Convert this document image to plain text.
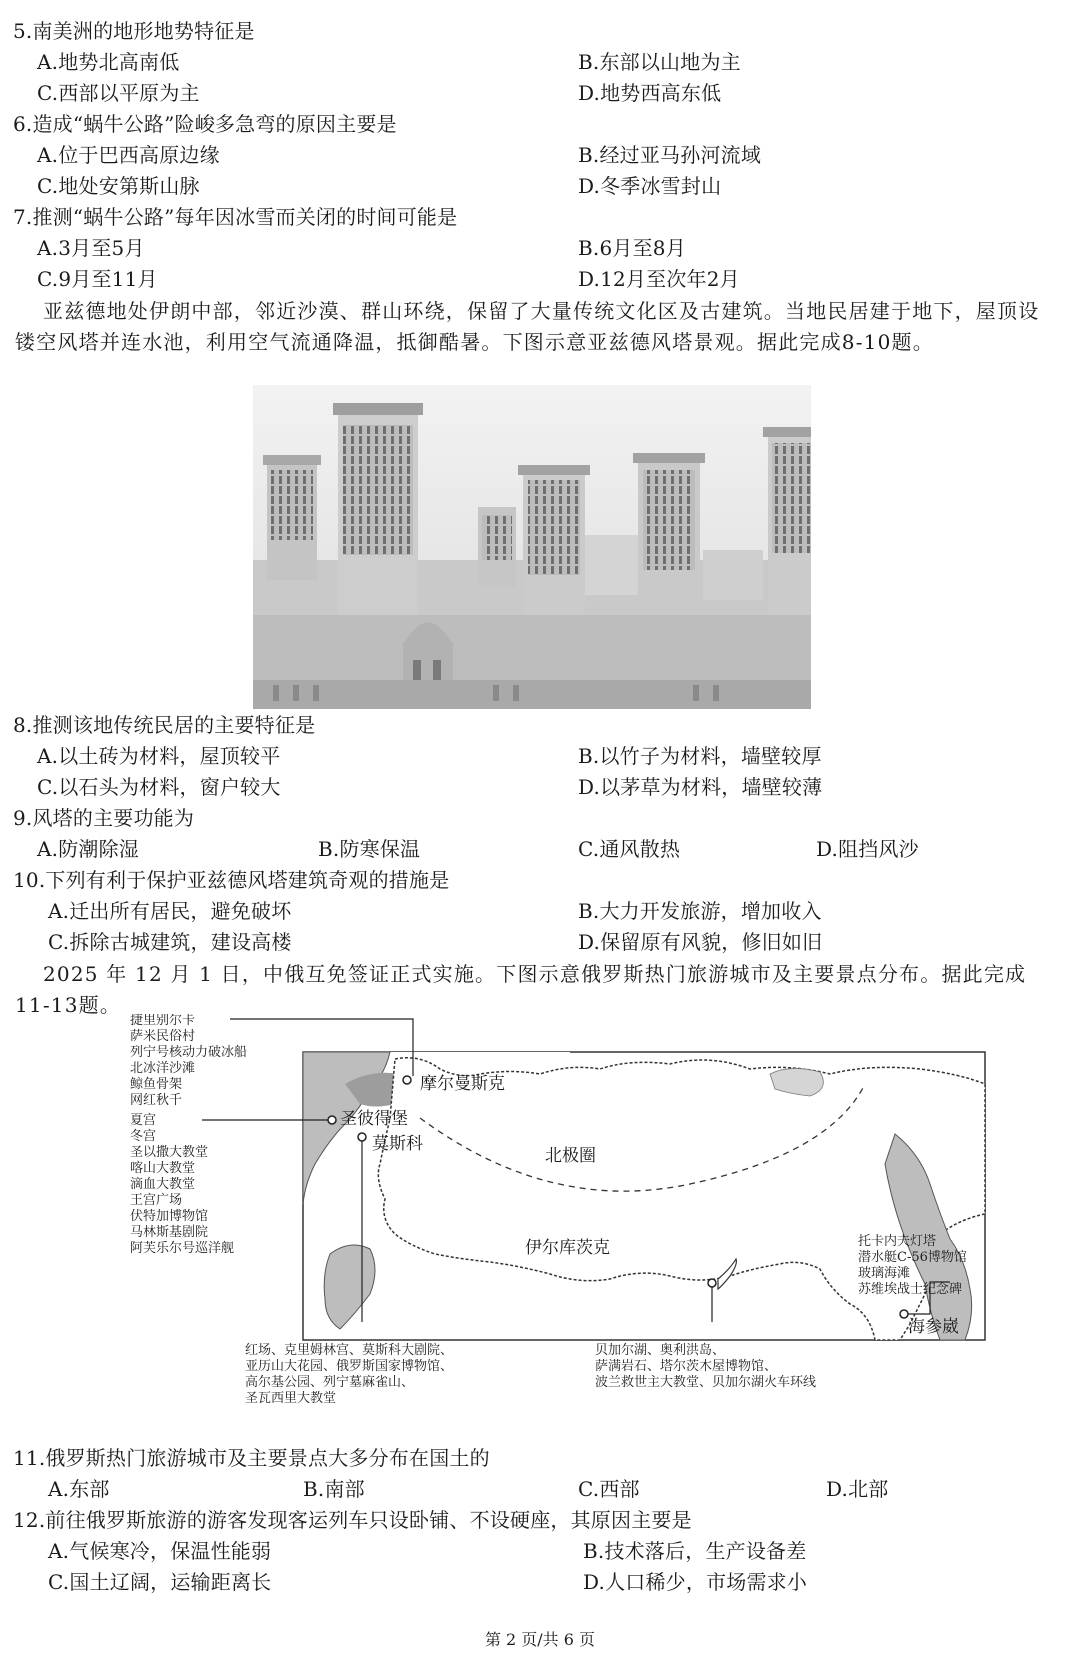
5.南美洲的地形地势特征是
A.地势北高南低	B.东部以山地为主
C.西部以平原为主	D.地势西高东低
6.造成“蜗牛公路”险峻多急弯的原因主要是
A.位于巴西高原边缘	B.经过亚马孙河流域
C.地处安第斯山脉	D.冬季冰雪封山
7.推测“蜗牛公路”每年因冰雪而关闭的时间可能是
A.3月至5月	B.6月至8月
C.9月至11月	D.12月至次年2月
亚兹德地处伊朗中部，邻近沙漠、群山环绕，保留了大量传统文化区及古建筑。当地民居建于地下，屋顶设镂空风塔并连水池，利用空气流通降温，抵御酷暑。下图示意亚兹德风塔景观。据此完成8-10题。
8.推测该地传统民居的主要特征是
A.以土砖为材料，屋顶较平	B.以竹子为材料，墙壁较厚
C.以石头为材料，窗户较大	D.以茅草为材料，墙壁较薄
9.风塔的主要功能为
A.防潮除湿	B.防寒保温	C.通风散热	D.阻挡风沙
10.下列有利于保护亚兹德风塔建筑奇观的措施是
A.迁出所有居民，避免破坏	B.大力开发旅游，增加收入
C.拆除古城建筑，建设高楼	D.保留原有风貌，修旧如旧
2025 年 12 月 1 日，中俄互免签证正式实施。下图示意俄罗斯热门旅游城市及主要景点分布。据此完成11-13题。
摩尔曼斯克
圣彼得堡
莫斯科
北极圈
伊尔库茨克
海参崴
捷里别尔卡
萨米民俗村
列宁号核动力破冰船
北冰洋沙滩
鲸鱼骨架
网红秋千
夏宫
冬宫
圣以撒大教堂
喀山大教堂
滴血大教堂
王宫广场
伏特加博物馆
马林斯基剧院
阿芙乐尔号巡洋舰	托卡内夫灯塔
潜水艇C-56博物馆
玻璃海滩
苏维埃战士纪念碑
红场、克里姆林宫、莫斯科大剧院、
亚历山大花园、俄罗斯国家博物馆、
高尔基公园、列宁墓麻雀山、
圣瓦西里大教堂
贝加尔湖、奥利洪岛、
萨满岩石、塔尔茨木屋博物馆、
波兰救世主大教堂、贝加尔湖火车环线
11.俄罗斯热门旅游城市及主要景点大多分布在国土的
A.东部	B.南部	C.西部	D.北部
12.前往俄罗斯旅游的游客发现客运列车只设卧铺、不设硬座，其原因主要是
A.气候寒冷，保温性能弱	B.技术落后，生产设备差
C.国土辽阔，运输距离长	D.人口稀少，市场需求小
第 2 页/共 6 页
